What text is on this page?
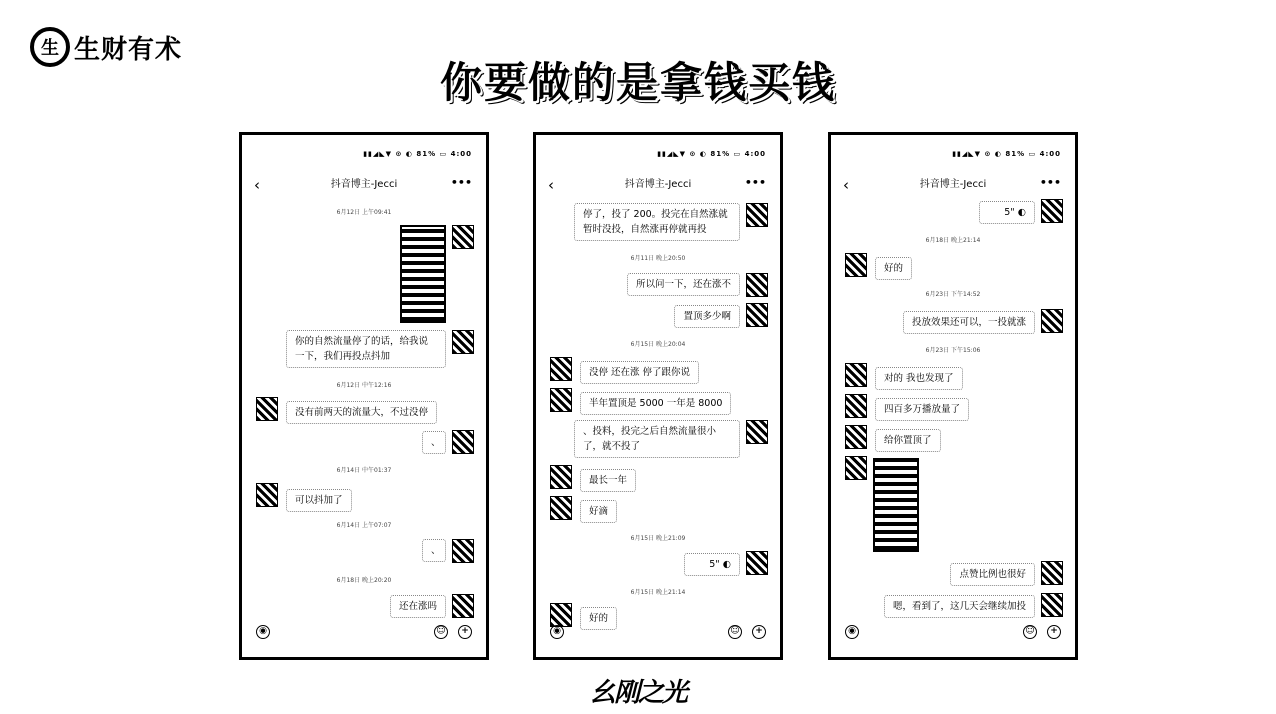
生 生财有术
你要做的是拿钱买钱
▮▮◢◣▼ ⊙ ◐ 81% ▭ 4:00
‹	抖音博主-Jecci	•••
6月12日 上午09:41
你的自然流量停了的话，给我说一下，我们再投点抖加
6月12日 中午12:16
没有前两天的流量大，不过没停
、
6月14日 中午01:37
可以抖加了
6月14日 上午07:07
、
6月18日 晚上20:20
还在涨吗
◉	☺	+
▮▮◢◣▼ ⊙ ◐ 81% ▭ 4:00
‹	抖音博主-Jecci	•••
停了，投了 200。投完在自然涨就暂时没投，自然涨再停就再投
6月11日 晚上20:50
所以问一下，还在涨不
置顶多少啊
6月15日 晚上20:04
没停 还在涨 停了跟你说
半年置顶是 5000 一年是 8000
、投料，投完之后自然流量很小了，就不投了
最长一年
好滴
6月15日 晚上21:09
5" ◐
6月15日 晚上21:14
好的
◉	☺	+
▮▮◢◣▼ ⊙ ◐ 81% ▭ 4:00
‹	抖音博主-Jecci	•••
5" ◐
6月18日 晚上21:14
好的
6月23日 下午14:52
投放效果还可以，一投就涨
6月23日 下午15:06
对的 我也发现了
四百多万播放量了
给你置顶了
点赞比例也很好
嗯，看到了，这几天会继续加投
◉	☺	+
幺刚之光
